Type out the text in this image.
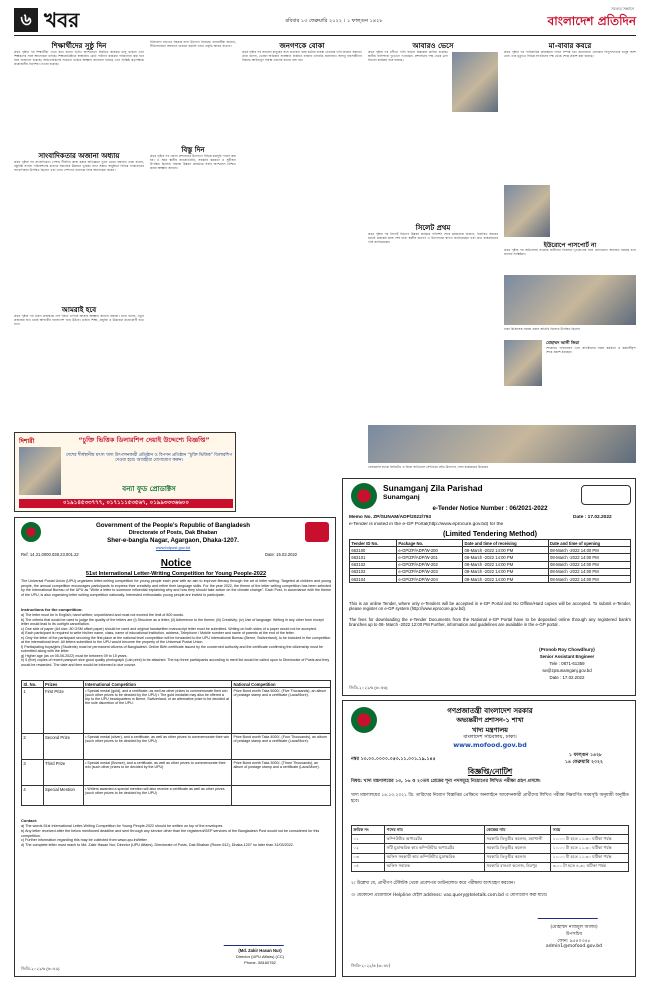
৬ খবর	রবিবার ১৩ ফেব্রুয়ারি ২০২২ । ১ ফাল্গুন ১৪২৮
সত্যের সন্ধানে
বাংলাদেশ প্রতিদিন
শিক্ষার্থীদের সুষ্ঠু দিন
প্রথম পৃষ্ঠার পর শিক্ষার্থীরা এখন কথা বলেন তিনি। অংশগ্রহণে নিয়মিত কার্যক্রম চালু থাকবে এবং শিক্ষকদের সঙ্গে আলোচনা চলছে। শিক্ষাপ্রতিষ্ঠানে স্বাস্থ্যবিধি মেনে পাঠদান কার্যক্রম পরিচালনা করা হবে বলে জানানো হয়েছে। অভিভাবকদের সচেতন থাকার আহ্বান জানানো হয়েছে এবং সংশ্লিষ্ট কর্তৃপক্ষকে প্রয়োজনীয় নির্দেশনা দেওয়া হয়েছে।
সাংবাদিকতার অজানা অধ্যায়
প্রথম পৃষ্ঠার পর সাংবাদিকতা পেশায় দীর্ঘদিন কাজ করার অভিজ্ঞতা তুলে ধরেন বক্তারা। তারা বলেন, বস্তুনিষ্ঠ সংবাদ পরিবেশনের মাধ্যমে সমাজের উন্নয়নে ভূমিকা রাখা সম্ভব। অনুষ্ঠানে বিভিন্ন গণমাধ্যমের সাংবাদিকরা উপস্থিত ছিলেন এবং তারা পেশাগত চ্যালেঞ্জ নিয়ে আলোচনা করেন।
আমরাই হবে
প্রথম পৃষ্ঠার পর তরুণ প্রজন্মকে দেশ গঠনে এগিয়ে আসার আহ্বান জানান বক্তারা। তারা বলেন, নতুন প্রজন্মের হাত ধরেই আগামীর বাংলাদেশ গড়ে উঠবে। এজন্য শিক্ষা, প্রযুক্তি ও উদ্ভাবনে মনোযোগী হতে হবে।
বিনিয়োগ বাড়াতে সরকার নানা উদ্যোগ নিয়েছে। ব্যবসায়ীরা জানান, নীতিসহায়তা অব্যাহত থাকলে রপ্তানি খাতে প্রবৃদ্ধি আরও বাড়বে।
বিস্তু দিন
প্রথম পৃষ্ঠার পর জেলা প্রশাসনের উদ্যোগে বিভিন্ন কর্মসূচি পালন করা হয়। এ সময় স্থানীয় জনপ্রতিনিধি, সরকারি কর্মকর্তা ও সুধীজন উপস্থিত ছিলেন। বক্তারা উন্নয়ন কার্যক্রমে সবার অংশগ্রহণ নিশ্চিত করার আহ্বান জানান।
জনগণকে বোকা
প্রথম পৃষ্ঠার পর সাধারণ মানুষের সঙ্গে প্রতারণা বন্ধে কঠোর ব্যবস্থা নেওয়ার দাবি জানান বক্তারা। তারা বলেন, ভোক্তা অধিকার সংরক্ষণে নিয়মিত বাজার তদারকি প্রয়োজন। অসাধু ব্যবসায়ীদের বিরুদ্ধে আইনানুগ ব্যবস্থা গ্রহণের কথাও বলা হয়।
আবারও ভেসে
প্রথম পৃষ্ঠার পর নদীতে পানি বাড়ায় নিম্নাঞ্চল প্লাবিত হয়েছে। স্থানীয় বাসিন্দারা দুর্ভোগে পড়েছেন। প্রশাসনের পক্ষ থেকে ত্রাণ বিতরণ কার্যক্রম শুরু হয়েছে।
মা-বাবার কবরে
প্রথম পৃষ্ঠার পর পারিবারিক কবরস্থানে দাফন সম্পন্ন হয়। জানাজায় এলাকার বিপুলসংখ্যক মানুষ অংশ নেন। তার মৃত্যুতে বিভিন্ন সংগঠনের পক্ষ থেকে শোক প্রকাশ করা হয়েছে।
ইউরোপে পাসপোর্ট না
প্রথম পৃষ্ঠার পর অভিবাসন সংক্রান্ত জটিলতা নিরসনে দূতাবাসের সঙ্গে যোগাযোগ অব্যাহত রয়েছে বলে জানান সংশ্লিষ্টরা।
সিলেট প্রথম
প্রথম পৃষ্ঠার পর সিলেট বিভাগে উন্নয়ন কার্যক্রম পরিদর্শন শেষে কর্মকর্তারা জানান, নির্ধারিত সময়ের মধ্যেই প্রকল্পের কাজ শেষ হবে। স্থানীয় জনগণ এ উদ্যোগকে স্বাগত জানিয়েছেন এবং দ্রুত বাস্তবায়নের দাবি জানিয়েছেন।
ঢাকা চিকিৎসক সমাজ প্রধান অতিথি হিসেবে উপস্থিত ছিলেন
বেসরকারি ব্যাংক লিমিটেড ও হিরো সার্ভিসেস সেন্টারের যৌথ উদ্যোগে সেবা কার্যক্রমের উদ্বোধন
মোহাম্মদ আলী জিয়া
শোকাহত পরিবারবর্গ এবং প্রতিষ্ঠানের সকল কর্মকর্তা ও কর্মচারীবৃন্দ শোক প্রকাশ করছেন।
দিশারী	“চুক্তি ভিত্তিক ডিলারশিপ দেয়াই উদ্দেশ্যে বিজ্ঞপ্তি”
দেশের শীর্ষস্থানীয় মৎস্য খাদ্য উৎপাদনকারী প্রতিষ্ঠান ও বিপণন প্রতিষ্ঠান “চুক্তি ভিত্তিক” ডিলারশিপ দেওয়া হবে। আগ্রহীরা যোগাযোগ করুন।
বন্যা ফুড প্রোডাক্টস
০১৯১৪৫৩৩৭৭৭, ০১৭১১১৫৩৫৬৭, ০১৯৯৩৩৩৬৬০০
Government of the People's Republic of Bangladesh
Directorate of Posts, Dak Bhaban
Sher-e-bangla Nagar, Agargaon, Dhaka-1207.
www.bdpost.gov.bd
Ref: 14.31.0000.038.23.001.22	Date: 15.02.2022
Notice
51st International Letter-Writing Competition for Young People-2022
The Universal Postal Union (UPU) organizes letter-writing competition for young people each year with an aim to improve literacy through the art of letter writing. Targeted at children and young people, the annual competition encourages participants to express their creativity and refine their language skills. For the year 2022, the theme of the letter writing competition has been selected by the International Bureau of the UPU as "Write a letter to someone influential explaining why and how they should take action on the climate change". Each Post, in accordance with the theme of the UPU, is also organizing letter writing competition nationally. Interested enthusiastic young people are invited to participate.
Instructions for the competition:
a) The letter must be in English; hand written; unpublished and must not exceed the limit of 800 words.
b) The criteria that would be used to judge the quality of the letters are (i) Structure as a letter; (ii) Adherence to the theme; (iii) Creativity; (iv) Use of language. Writing in any other form except letter would lead to its outright cancellation.
c) One side of paper (A4 size, 80 GSM offset paper) should be used and original handwritten manuscript letter must be submitted. Writing on both sides of a paper would not be accepted.
d) Each participant is required to write his/her name, class, name of educational institution, address, Telephone / Mobile number and name of parents at the end of the letter.
e) Only the letter of the participant securing the first place at the national level competition will be forwarded to the UPU International Bureau (Berne, Switzerland), to be included in the competition at the international level. All letters submitted to the UPU would become the property of the Universal Postal Union.
f) Participating boys/girls (Students) must be permanent citizens of Bangladesh. Online Birth certificate issued by the concerned authority and the certificate confirming the citizenship must be submitted along with the letter.
g) Higher age (as on 05-06-2022) must be between 09 to 15 years.
h) 5 (five) copies of recent passport size good quality photograph (Lab print) to be attached. The top three participants according to merit list would be called upon to Directorate of Posts and they would be rewarded. The date and time would be informed in due course.
Sl. No.	Prizes	International Competition	National Competition
1	First Prize	• Special medal (gold), and a certificate, as well as other prizes to commemorate their win (such other prizes to be decided by the UPU) • The gold medalist may also be offered a trip to the UPU headquarters in Berne, Switzerland, or an alternative prize to be decided at the sole discretion of the UPU.	Prize Bond worth Taka 5000/- (Five Thousands), an album of postage stamp and a certificate (Laos/More).
2	Second Prize	• Special medal (silver), and a certificate, as well as other prizes to commemorate their win (such other prizes to be decided by the UPU)	Prize Bond worth Taka 4000/- (Four Thousands), an album of postage stamp and a certificate (Laos/More).
3	Third Prize	• Special medal (Bronze), and a certificate, as well as other prizes to commemorate their win (such other prizes to be decided by the UPU)	Prize Bond worth Taka 3000/- (Three Thousands), an album of postage stamp and a certificate (Laos/More).
4	Special Mention	• Writers awarded a special mention will also receive a certificate as well as other prizes (such other prizes to be decided by the UPU)	
Contact:
a) The words 51st International Letter-Writing Competition for Young People-2022 should be written on top of the envelopes.
b) Any letter received after the below mentioned deadline and sent through any service other than the registered/GEP services of the Bangladesh Post would not be considered for this competition.
c) Further information regarding this may be collected from www.upu.int/letter
d) The complete letter must reach to Md. Zakir Hasan Nur, Director (UPU Affairs), Directorate of Posts, Dak Bhaban (Room 612), Dhaka-1207 no later than 31/03/2022.
(Md. Zakir Hasan Nur)
Director (UPU Affairs) (CC)
Phone- 58160762
জিডি-২০২২/৬ (৬০৪৯)
Sunamganj Zila Parishad
Sunamganj
e-Tender Notice Number : 06/2021-2022
Memo No. ZP/SUNAM/ADP/2022/793	Date : 17.02.2022
e-Tender is invited in the e-GP Portal(http://www.eprocure.gov.bd) for the
(Limited Tendering Method)
Tender ID No.	Package No.	Date and time of receiving	Date and time of opening
663100	e-GP/ZP/ADP/W-200	08-March -2022 14:00 PM	08-March -2022 14:00 PM
663101	e-GP/ZP/ADP/W-201	08-March -2022 14:00 PM	08-March -2022 14:00 PM
663102	e-GP/ZP/ADP/W-202	08-March -2022 14:00 PM	08-March -2022 14:00 PM
663103	e-GP/ZP/ADP/W-203	08-March -2022 14:00 PM	08-March -2022 14:00 PM
663104	e-GP/ZP/ADP/W-204	08-March -2022 14:00 PM	08-March -2022 14:00 PM
This is an online Tender, where only e-Tenders will be accepted in e-GP Portal and No Offline/Hard copies will be accepted. To submit e-Tender, please register on e-GP system (http://www.eprocure.gov.bd).
The fees for downloading the e-Tender Documents from the National e-GP Portal have to be deposited online through any registered bank's branches up to 08- March -2022 12:00 PM Further, information and guidelines are available in the e-GP portal .
(Pronob Roy Chowdhury)
Senior Assistant Engineer
Tele : 0871-61359
se@zpsunamganj.gov.bd
Date : 17.02.2022
জিডি-২০২২/৬ (৬০৫৬)
গণপ্রজাতন্ত্রী বাংলাদেশ সরকার
অভ্যন্তরীণ প্রশাসন-১ শাখা
খাদ্য মন্ত্রণালয়
বাংলাদেশ সচিবালয়, ঢাকা।
www.mofood.gov.bd
নম্বর ১৩.০০.০০০০.০৫৩.১১.০০১.১৯.১৪৫
১ ফাল্গুন ১৪২৮
১৪ ফেব্রুয়ারি ২০২২
বিজ্ঞপ্তি/নোটিশ
বিষয়: খাদ্য মন্ত্রণালয়ের ১৩, ১৬ ও ২০তম গ্রেডের শূন্য পদসমূহে নিয়োগের লিখিত পরীক্ষা গ্রহণ প্রসঙ্গে।
খাদ্য মন্ত্রণালয়ের ১৪.১০.২০২১ খ্রি. তারিখের নিয়োগ বিজ্ঞপ্তির প্রেক্ষিতে অনলাইনে আবেদনকারী প্রার্থীদের লিখিত পরীক্ষা নিম্নবর্ণিত সময়সূচি অনুযায়ী অনুষ্ঠিত হবে।
ক্রমিক নং	পদের নাম	কেন্দ্রের নাম	সময়
০১	কম্পিউটার অপারেটর	সরকারি তিতুমীর কলেজ, মহাখালী	১০.০০ টা হতে ১১.৩০ ঘটিকা পর্যন্ত
০২	সাঁট মুদ্রাক্ষরিক কাম কম্পিউটার অপারেটর	সরকারি তিতুমীর কলেজ	১০.০০ টা হতে ১১.৩০ ঘটিকা পর্যন্ত
০৩	অফিস সহকারী কাম কম্পিউটার মুদ্রাক্ষরিক	সরকারি তিতুমীর কলেজ	১০.০০ টা হতে ১১.৩০ ঘটিকা পর্যন্ত
০৪	অফিস সহায়ক	সরকারি বাঙলা কলেজ, মিরপুর	৩.০০ টা হতে ৪.৩০ ঘটিকা পর্যন্ত
২। উল্লেখ্য যে, প্রার্থীগণ টেলিটক থেকে প্রবেশপত্র ডাউনলোড করে পরীক্ষায় অংশগ্রহণ করবেন।
৩। যেকোনো প্রয়োজনে Helpline মেইল address: vas.query@teletalk.com.bd এ যোগাযোগ করা যাবে।
(মোহাম্মদ নাজমুল আলম)
উপসচিব
ফোন: ৯৫৪০৩৫৮
admin1@mofood.gov.bd
জিডি-২০২২/৬ (৬০৪৮)
